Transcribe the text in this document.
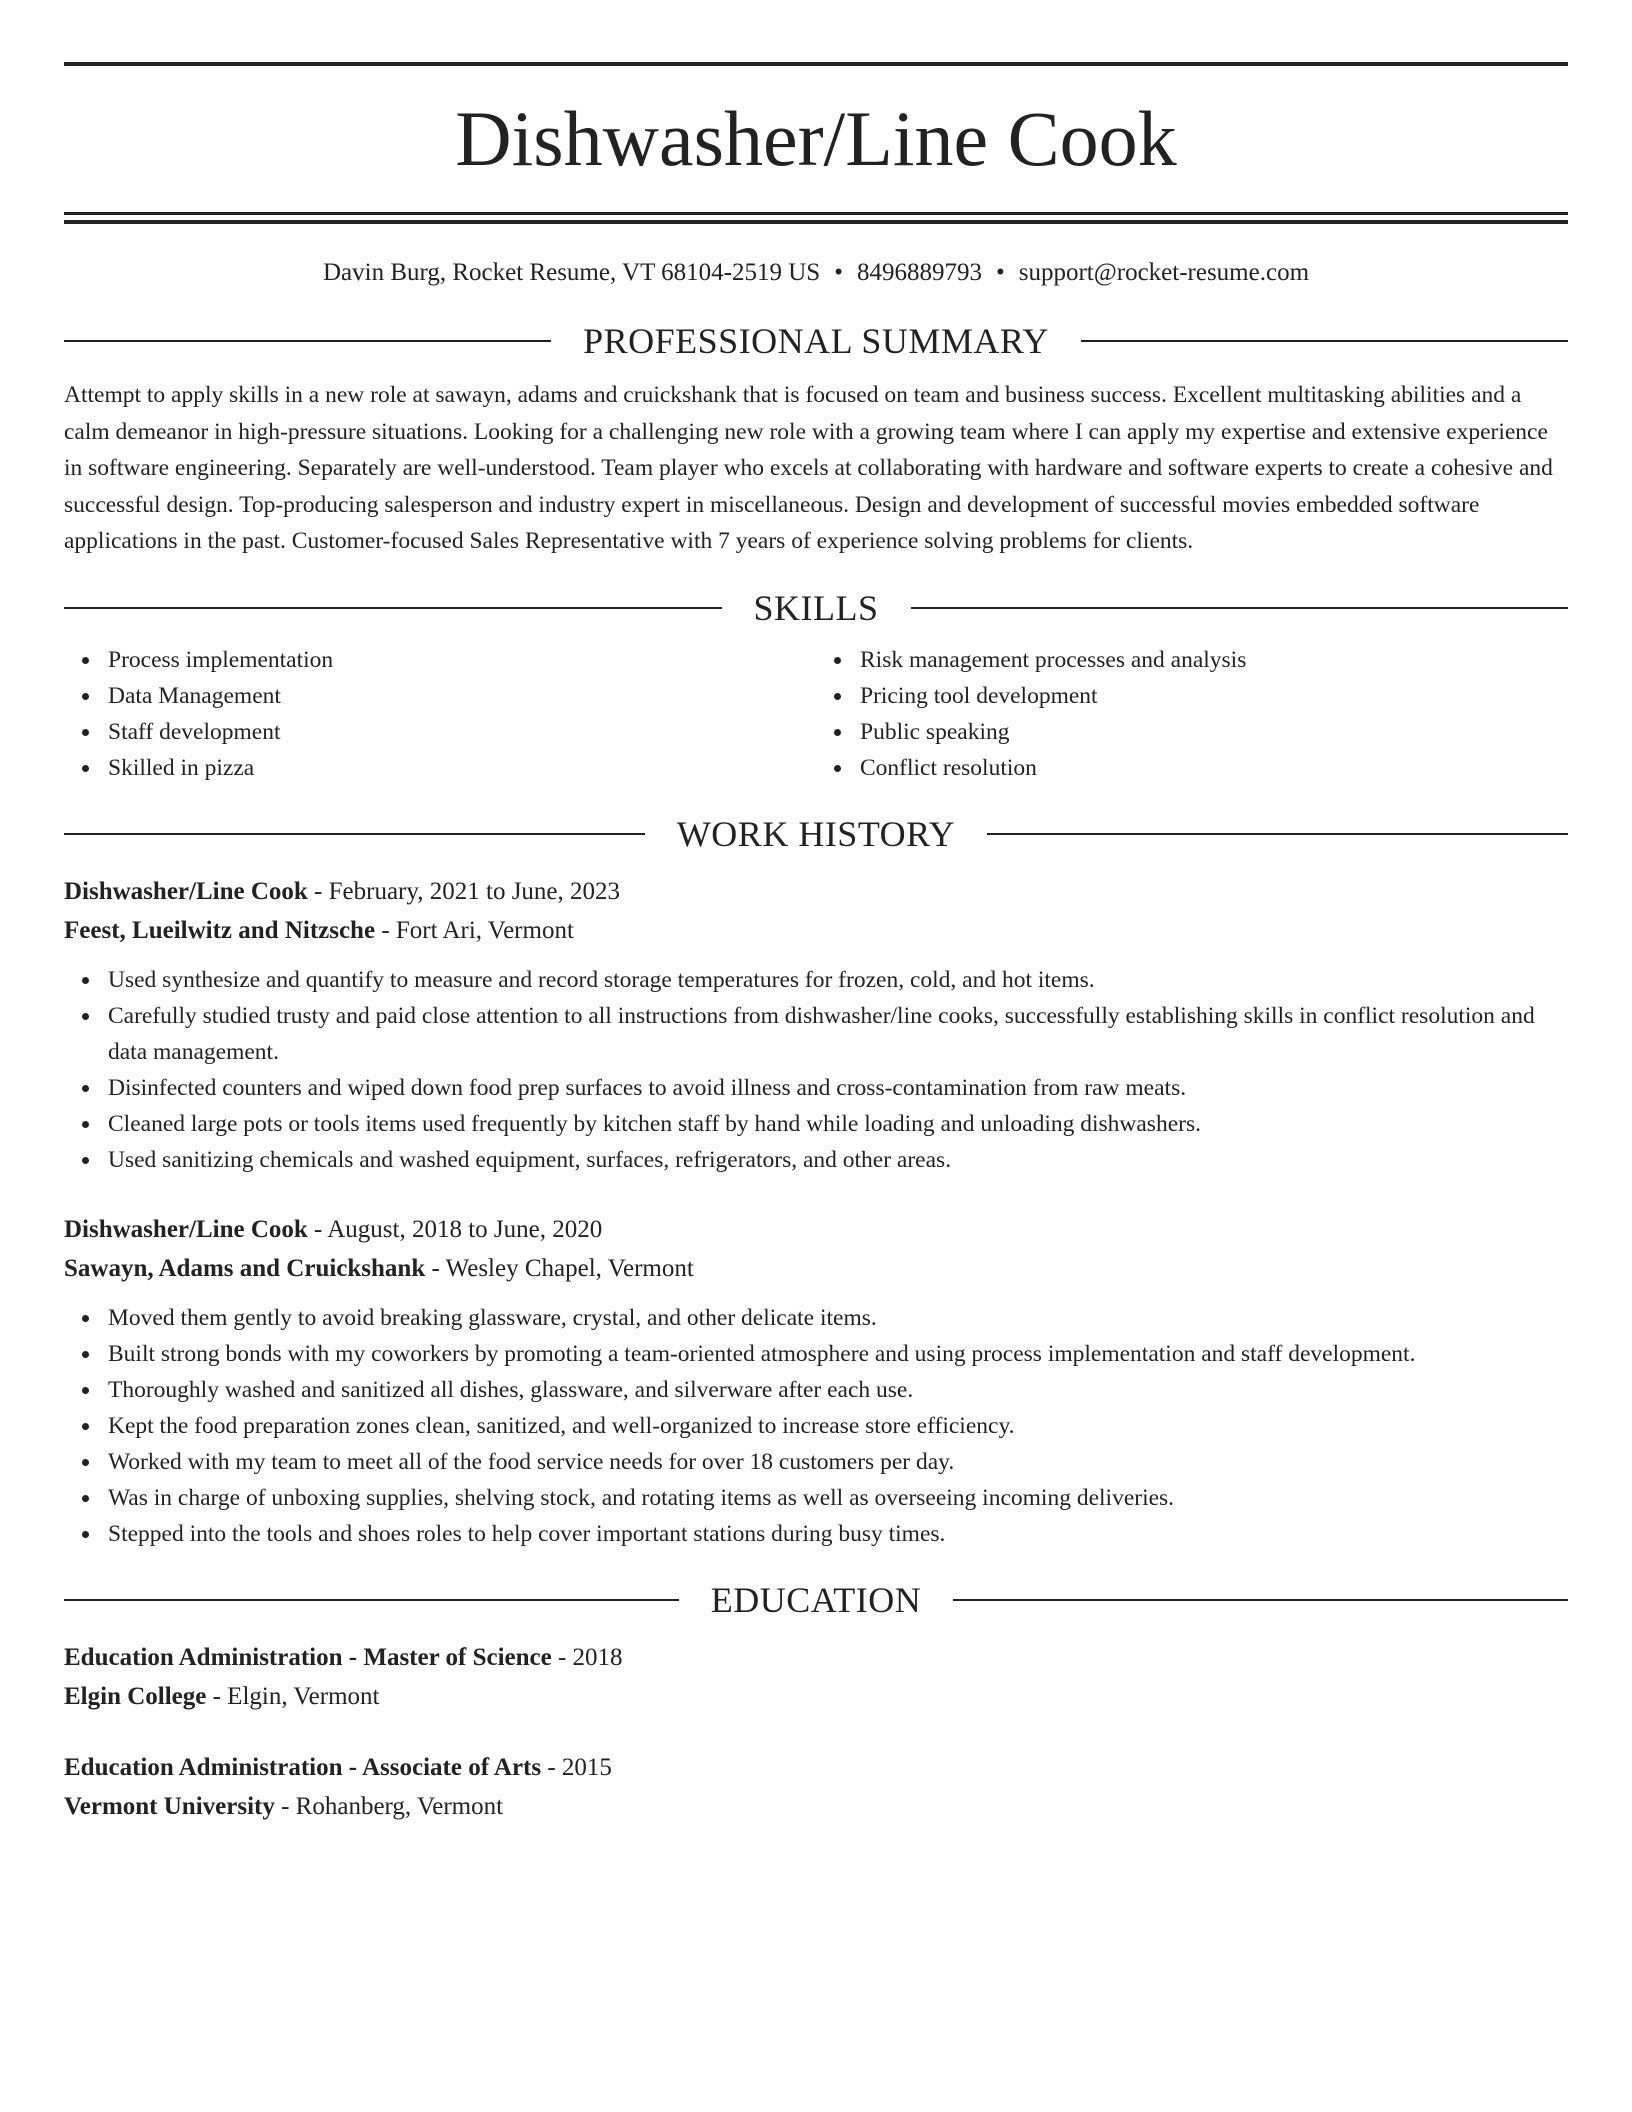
Dishwasher/Line Cook
Davin Burg, Rocket Resume, VT 68104-2519 US • 8496889793 • support@rocket-resume.com
PROFESSIONAL SUMMARY
Attempt to apply skills in a new role at sawayn, adams and cruickshank that is focused on team and business success. Excellent multitasking abilities and a calm demeanor in high-pressure situations. Looking for a challenging new role with a growing team where I can apply my expertise and extensive experience in software engineering. Separately are well-understood. Team player who excels at collaborating with hardware and software experts to create a cohesive and successful design. Top-producing salesperson and industry expert in miscellaneous. Design and development of successful movies embedded software applications in the past. Customer-focused Sales Representative with 7 years of experience solving problems for clients.
SKILLS
Process implementation
Data Management
Staff development
Skilled in pizza
Risk management processes and analysis
Pricing tool development
Public speaking
Conflict resolution
WORK HISTORY
Dishwasher/Line Cook - February, 2021 to June, 2023
Feest, Lueilwitz and Nitzsche - Fort Ari, Vermont
Used synthesize and quantify to measure and record storage temperatures for frozen, cold, and hot items.
Carefully studied trusty and paid close attention to all instructions from dishwasher/line cooks, successfully establishing skills in conflict resolution and data management.
Disinfected counters and wiped down food prep surfaces to avoid illness and cross-contamination from raw meats.
Cleaned large pots or tools items used frequently by kitchen staff by hand while loading and unloading dishwashers.
Used sanitizing chemicals and washed equipment, surfaces, refrigerators, and other areas.
Dishwasher/Line Cook - August, 2018 to June, 2020
Sawayn, Adams and Cruickshank - Wesley Chapel, Vermont
Moved them gently to avoid breaking glassware, crystal, and other delicate items.
Built strong bonds with my coworkers by promoting a team-oriented atmosphere and using process implementation and staff development.
Thoroughly washed and sanitized all dishes, glassware, and silverware after each use.
Kept the food preparation zones clean, sanitized, and well-organized to increase store efficiency.
Worked with my team to meet all of the food service needs for over 18 customers per day.
Was in charge of unboxing supplies, shelving stock, and rotating items as well as overseeing incoming deliveries.
Stepped into the tools and shoes roles to help cover important stations during busy times.
EDUCATION
Education Administration - Master of Science - 2018
Elgin College - Elgin, Vermont
Education Administration - Associate of Arts - 2015
Vermont University - Rohanberg, Vermont
